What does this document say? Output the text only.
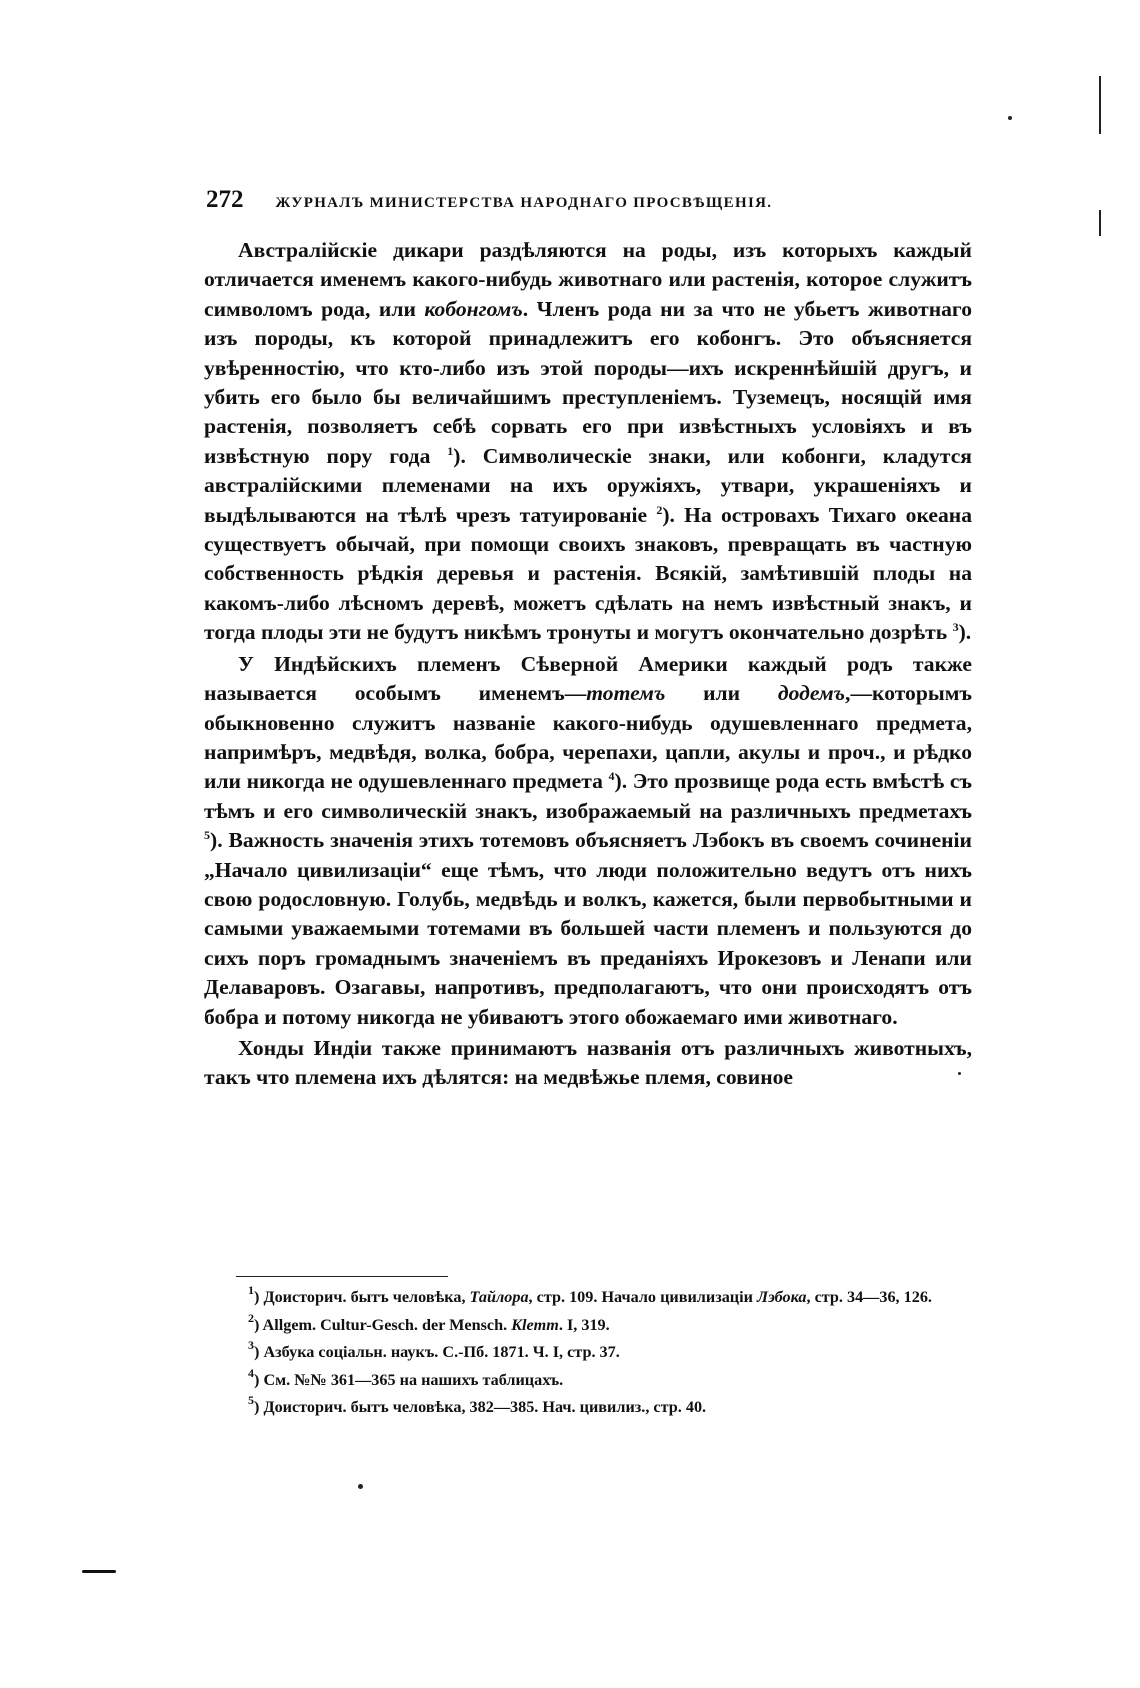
272 ЖУРНАЛЪ МИНИСТЕРСТВА НАРОДНАГО ПРОСВѢЩЕНІЯ.

Австралійскіе дикари раздѣляются на роды, изъ которыхъ каждый отличается именемъ какого-нибудь животнаго или растенія, которое служитъ символомъ рода, или кобонгомъ. Членъ рода ни за что не убьетъ животнаго изъ породы, къ которой принадлежитъ его кобонгъ. Это объясняется увѣренностію, что кто-либо изъ этой породы—ихъ искреннѣйшій другъ, и убить его было бы величайшимъ преступленіемъ. Туземецъ, носящій имя растенія, позволяетъ себѣ сорвать его при извѣстныхъ условіяхъ и въ извѣстную пору года $^1$). Символическіе знаки, или кобонги, кладутся австралійскими племенами на ихъ оружіяхъ, утвари, украшеніяхъ и выдѣлываются на тѣлѣ чрезъ татуированіе $^2$). На островахъ Тихаго океана существуетъ обычай, при помощи своихъ знаковъ, превращать въ частную собственность рѣдкія деревья и растенія. Всякій, замѣтившій плоды на какомъ-либо лѣсномъ деревѣ, можетъ сдѣлать на немъ извѣстный знакъ, и тогда плоды эти не будутъ никѣмъ тронуты и могутъ окончательно дозрѣть $^3$).

У Индѣйскихъ племенъ Сѣверной Америки каждый родъ также называется особымъ именемъ—тотемъ или додемъ,—которымъ обыкновенно служитъ названіе какого-нибудь одушевленнаго предмета, напримѣръ, медвѣдя, волка, бобра, черепахи, цапли, акулы и проч., и рѣдко или никогда не одушевленнаго предмета $^4$). Это прозвище рода есть вмѣстѣ съ тѣмъ и его символическій знакъ, изображаемый на различныхъ предметахъ $^5$). Важность значенія этихъ тотемовъ объясняетъ Лэбокъ въ своемъ сочиненіи „Начало цивилизаціи“ еще тѣмъ, что люди положительно ведутъ отъ нихъ свою родословную. Голубь, медвѣдь и волкъ, кажется, были первобытными и самыми уважаемыми тотемами въ большей части племенъ и пользуются до сихъ поръ громаднымъ значеніемъ въ преданіяхъ Ирокезовъ и Ленапи или Делаваровъ. Озагавы, напротивъ, предполагаютъ, что они происходятъ отъ бобра и потому никогда не убиваютъ этого обожаемаго ими животнаго.

Хонды Индіи также принимаютъ названія отъ различныхъ животныхъ, такъ что племена ихъ дѣлятся: на медвѣжье племя, совиное

$^1$) Доисторич. бытъ человѣка, Тайлора, стр. 109. Начало цивилизаціи Лэбока, стр. 34—36, 126.

$^2$) Allgem. Cultur-Gesch. der Mensch. Klemm. I, 319.

$^3$) Азбука соціальн. наукъ. С.-Пб. 1871. Ч. I, стр. 37.

$^4$) См. №№ 361—365 на нашихъ таблицахъ.

$^5$) Доисторич. бытъ человѣка, 382—385. Нач. цивилиз., стр. 40.
